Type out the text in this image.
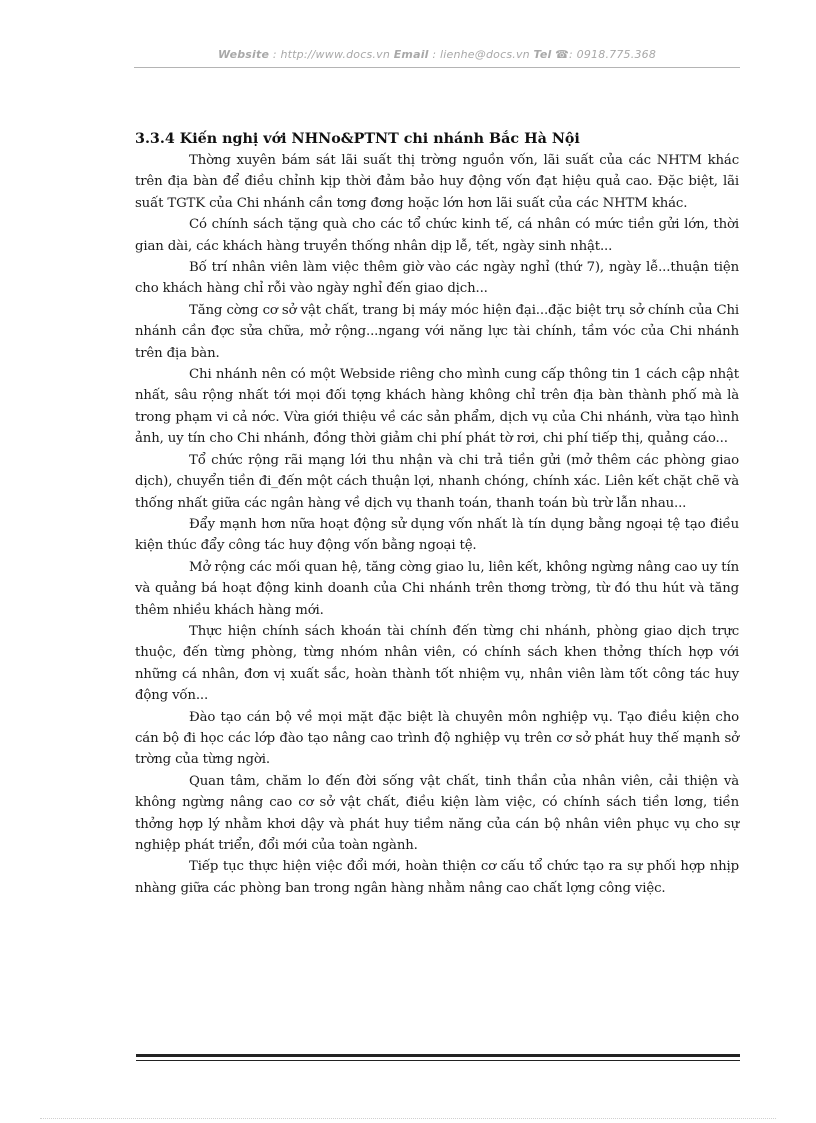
Website : http://www.docs.vn Email : lienhe@docs.vn Tel ☎: 0918.775.368

3.3.4 Kiến nghị với NHNo&PTNT chi nhánh Bắc Hà Nội

Thờng xuyên bám sát lãi suất thị trờng nguồn vốn, lãi suất của các NHTM khác trên địa bàn để điều chỉnh kịp thời đảm bảo huy động vốn đạt hiệu quả cao. Đặc biệt, lãi suất TGTK của Chi nhánh cần tơng đơng hoặc lớn hơn lãi suất của các NHTM khác.

Có chính sách tặng quà cho các tổ chức kinh tế, cá nhân có mức tiền gửi lớn, thời gian dài, các khách hàng truyền thống nhân dịp lễ, tết, ngày sinh nhật...

Bố trí nhân viên làm việc thêm giờ vào các ngày nghỉ (thứ 7), ngày lễ...thuận tiện cho khách hàng chỉ rỗi vào ngày nghỉ đến giao dịch...

Tăng cờng cơ sở vật chất, trang bị máy móc hiện đại...đặc biệt trụ sở chính của Chi nhánh cần đợc sửa chữa, mở rộng...ngang với năng lực tài chính, tầm vóc của Chi nhánh trên địa bàn.

Chi nhánh nên có một Webside riêng cho mình cung cấp thông tin 1 cách cập nhật nhất, sâu rộng nhất tới mọi đối tợng khách hàng không chỉ trên địa bàn thành phố mà là trong phạm vi cả nớc. Vừa giới thiệu về các sản phẩm, dịch vụ của Chi nhánh, vừa tạo hình ảnh, uy tín cho Chi nhánh, đồng thời giảm chi phí phát tờ rơi, chi phí tiếp thị, quảng cáo...

Tổ chức rộng rãi mạng lới thu nhận và chi trả tiền gửi (mở thêm các phòng giao dịch), chuyển tiền đi_đến một cách thuận lợi, nhanh chóng, chính xác. Liên kết chặt chẽ và thống nhất giữa các ngân hàng về dịch vụ thanh toán, thanh toán bù trừ lẫn nhau...

Đẩy mạnh hơn nữa hoạt động sử dụng vốn nhất là tín dụng bằng ngoại tệ tạo điều kiện thúc đẩy công tác huy động vốn bằng ngoại tệ.

Mở rộng các mối quan hệ, tăng cờng giao lu, liên kết, không ngừng nâng cao uy tín và quảng bá hoạt động kinh doanh của Chi nhánh trên thơng trờng, từ đó thu hút và tăng thêm nhiều khách hàng mới.

Thực hiện chính sách khoán tài chính đến từng chi nhánh, phòng giao dịch trực thuộc, đến từng phòng, từng nhóm nhân viên, có chính sách khen thởng thích hợp với những cá nhân, đơn vị xuất sắc, hoàn thành tốt nhiệm vụ, nhân viên làm tốt công tác huy động vốn...

Đào tạo cán bộ về mọi mặt đặc biệt là chuyên môn nghiệp vụ. Tạo điều kiện cho cán bộ đi học các lớp đào tạo nâng cao trình độ nghiệp vụ trên cơ sở phát huy thế mạnh sở trờng của từng ngời.

Quan tâm, chăm lo đến đời sống vật chất, tinh thần của nhân viên, cải thiện và không ngừng nâng cao cơ sở vật chất, điều kiện làm việc, có chính sách tiền lơng, tiền thởng hợp lý nhằm khơi dậy và phát huy tiềm năng của cán bộ nhân viên phục vụ cho sự nghiệp phát triển, đổi mới của toàn ngành.

Tiếp tục thực hiện việc đổi mới, hoàn thiện cơ cấu tổ chức tạo ra sự phối hợp nhịp nhàng giữa các phòng ban trong ngân hàng nhằm nâng cao chất lợng công việc.
